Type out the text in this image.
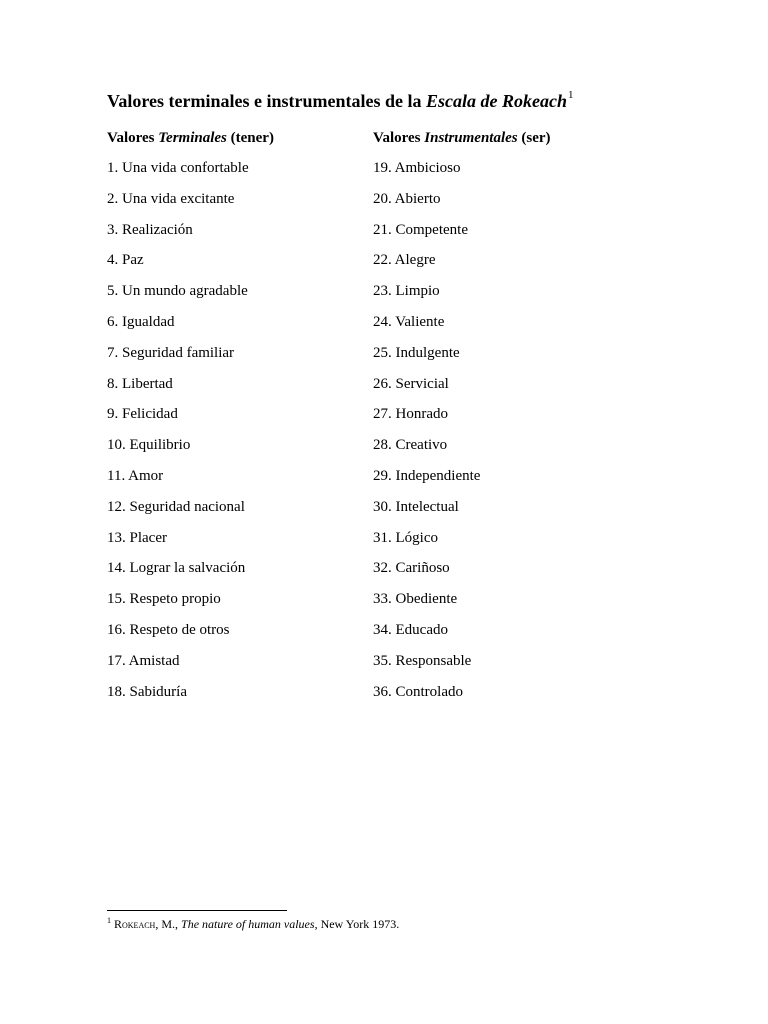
Valores terminales e instrumentales de la Escala de Rokeach$^1$
Valores Terminales (tener)
1. Una vida confortable
2. Una vida excitante
3. Realización
4. Paz
5. Un mundo agradable
6. Igualdad
7. Seguridad familiar
8. Libertad
9. Felicidad
10. Equilibrio
11. Amor
12. Seguridad nacional
13. Placer
14. Lograr la salvación
15. Respeto propio
16. Respeto de otros
17. Amistad
18. Sabiduría
Valores Instrumentales (ser)
19. Ambicioso
20. Abierto
21. Competente
22. Alegre
23. Limpio
24. Valiente
25. Indulgente
26. Servicial
27. Honrado
28. Creativo
29. Independiente
30. Intelectual
31. Lógico
32. Cariñoso
33. Obediente
34. Educado
35. Responsable
36. Controlado
$^1$ Rokeach, M., The nature of human values, New York 1973.
